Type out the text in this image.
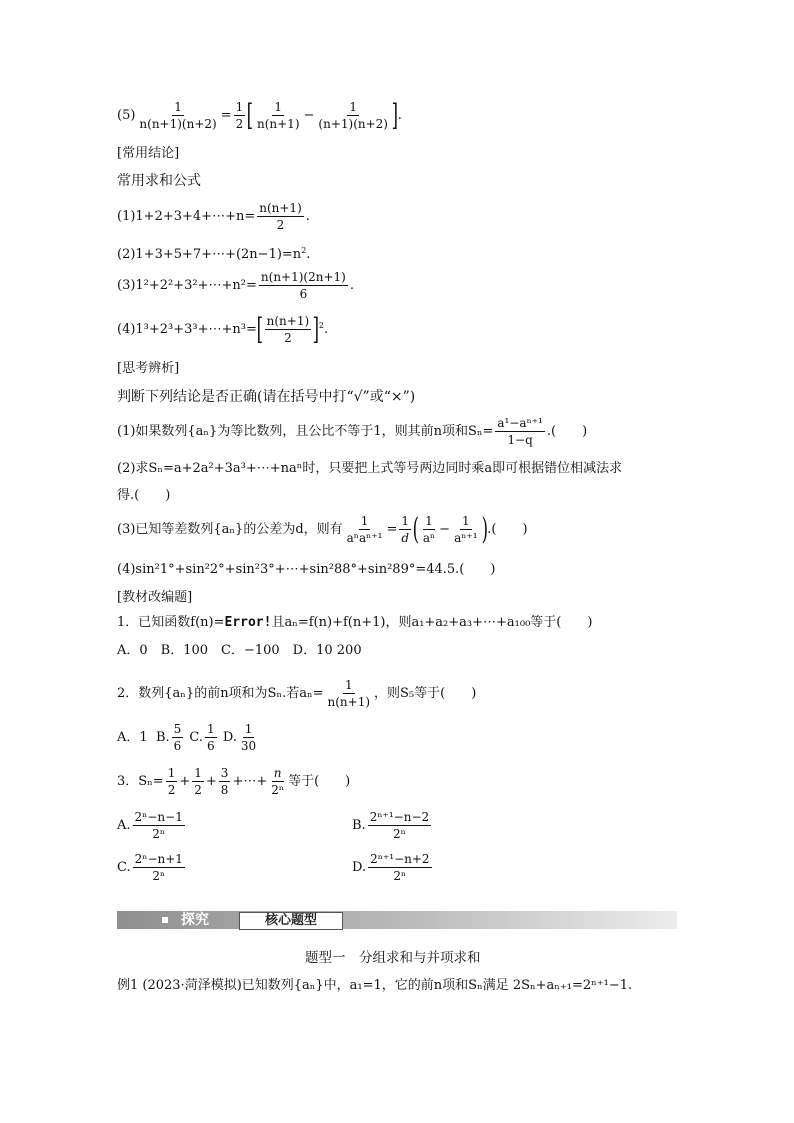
$(5) \frac{1}{n(n+1)(n+2)} = \frac{1}{2}$ [ $\frac{1}{n(n+1)} - \frac{1}{(n+1)(n+2)}$ ].
[常用结论]
常用求和公式
(1)1+2+3+4+⋯+n= $\frac{n(n+1)}{2}$ .
$(2)1+3+5+7+\cdots+(2n-1)=n^2$.
(3)1²+2²+3²+⋯+n²= $\frac{n(n+1)(2n+1)}{6}$ .
(4)1³+2³+3³+⋯+n³=[ $\frac{n(n+1)}{2} ]^2$.
[思考辨析]
判断下列结论是否正确(请在括号中打“√”或“×”)
(1)如果数列{aₙ}为等比数列，且公比不等于1，则其前n项和$S_n= \frac{\text{a¹−aⁿ⁺¹}}{1-q}$ .(　　)
(2)求Sₙ=a+2a²+3a³+⋯+naⁿ时，只要把上式等号两边同时乘a即可根据错位相减法求
得.(　　)
(3)已知等差数列{aₙ}的公差为d，则有 $\frac{1}{\text{aⁿaⁿ⁺¹}} = \frac{1}{d}$ ( $\frac{1}{\text{aⁿ}} - \frac{1}{\text{aⁿ⁺¹}}$ ).(　　)
(4)sin²1°+sin²2°+sin²3°+⋯+sin²88°+sin²89°=44.5.(　　)
[教材改编题]
1．已知函数f(n)=Error!且aₙ=f(n)+f(n+1)，则a₁+a₂+a₃+⋯+a₁₀₀等于(　　)
A．0　B．100　C．−100　D．10 200
2．数列{aₙ}的前n项和为Sₙ.若$a_n= \frac{1}{n(n+1)}$ ，则S₅等于(　　)
A．1 B. $\frac{5}{6} C$. $\frac{1}{6} D$. $\frac{1}{30}$
3．$S_n= \frac{1}{2} + \frac{1}{2} + \frac{3}{8}$ +⋯+ $\frac{n}{\text{2ⁿ}}$ 等于(　　)
A. $\frac{\text{2ⁿ−n−1}}{\text{2ⁿ}}$	B. $\frac{\text{2ⁿ⁺¹−n−2}}{\text{2ⁿ}}$
C. $\frac{\text{2ⁿ−n+1}}{\text{2ⁿ}}$	D. $\frac{\text{2ⁿ⁺¹−n+2}}{\text{2ⁿ}}$
探究	核心题型
题型一　分组求和与并项求和
例1 (2023·菏泽模拟)已知数列{aₙ}中，a₁=1，它的前n项和Sₙ满足 2Sₙ+aₙ₊₁=2ⁿ⁺¹−1.
